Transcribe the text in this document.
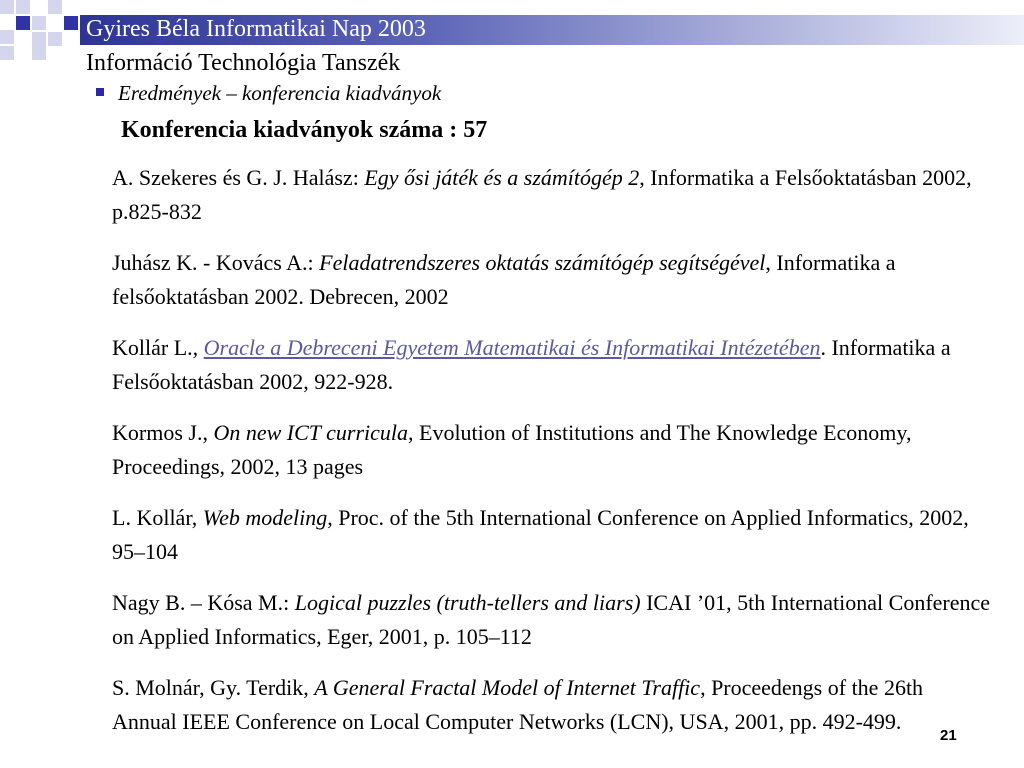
Gyires Béla Informatikai Nap 2003
Információ Technológia Tanszék
Eredmények – konferencia kiadványok
Konferencia kiadványok száma : 57

A. Szekeres és G. J. Halász: Egy ősi játék és a számítógép 2, Informatika a Felsőoktatásban 2002, p.825-832

Juhász K. - Kovács A.: Feladatrendszeres oktatás számítógép segítségével, Informatika a felsőoktatásban 2002. Debrecen, 2002

Kollár L., Oracle a Debreceni Egyetem Matematikai és Informatikai Intézetében. Informatika a Felsőoktatásban 2002, 922-928.

Kormos J., On new ICT curricula, Evolution of Institutions and The Knowledge Economy, Proceedings, 2002, 13 pages

L. Kollár, Web modeling, Proc. of the 5th International Conference on Applied Informatics, 2002, 95–104

Nagy B. – Kósa M.: Logical puzzles (truth-tellers and liars) ICAI ’01, 5th International Conference on Applied Informatics, Eger, 2001, p. 105–112

S. Molnár, Gy. Terdik, A General Fractal Model of Internet Traffic, Proceedengs of the 26th Annual IEEE Conference on Local Computer Networks (LCN), USA, 2001, pp. 492-499.

21
